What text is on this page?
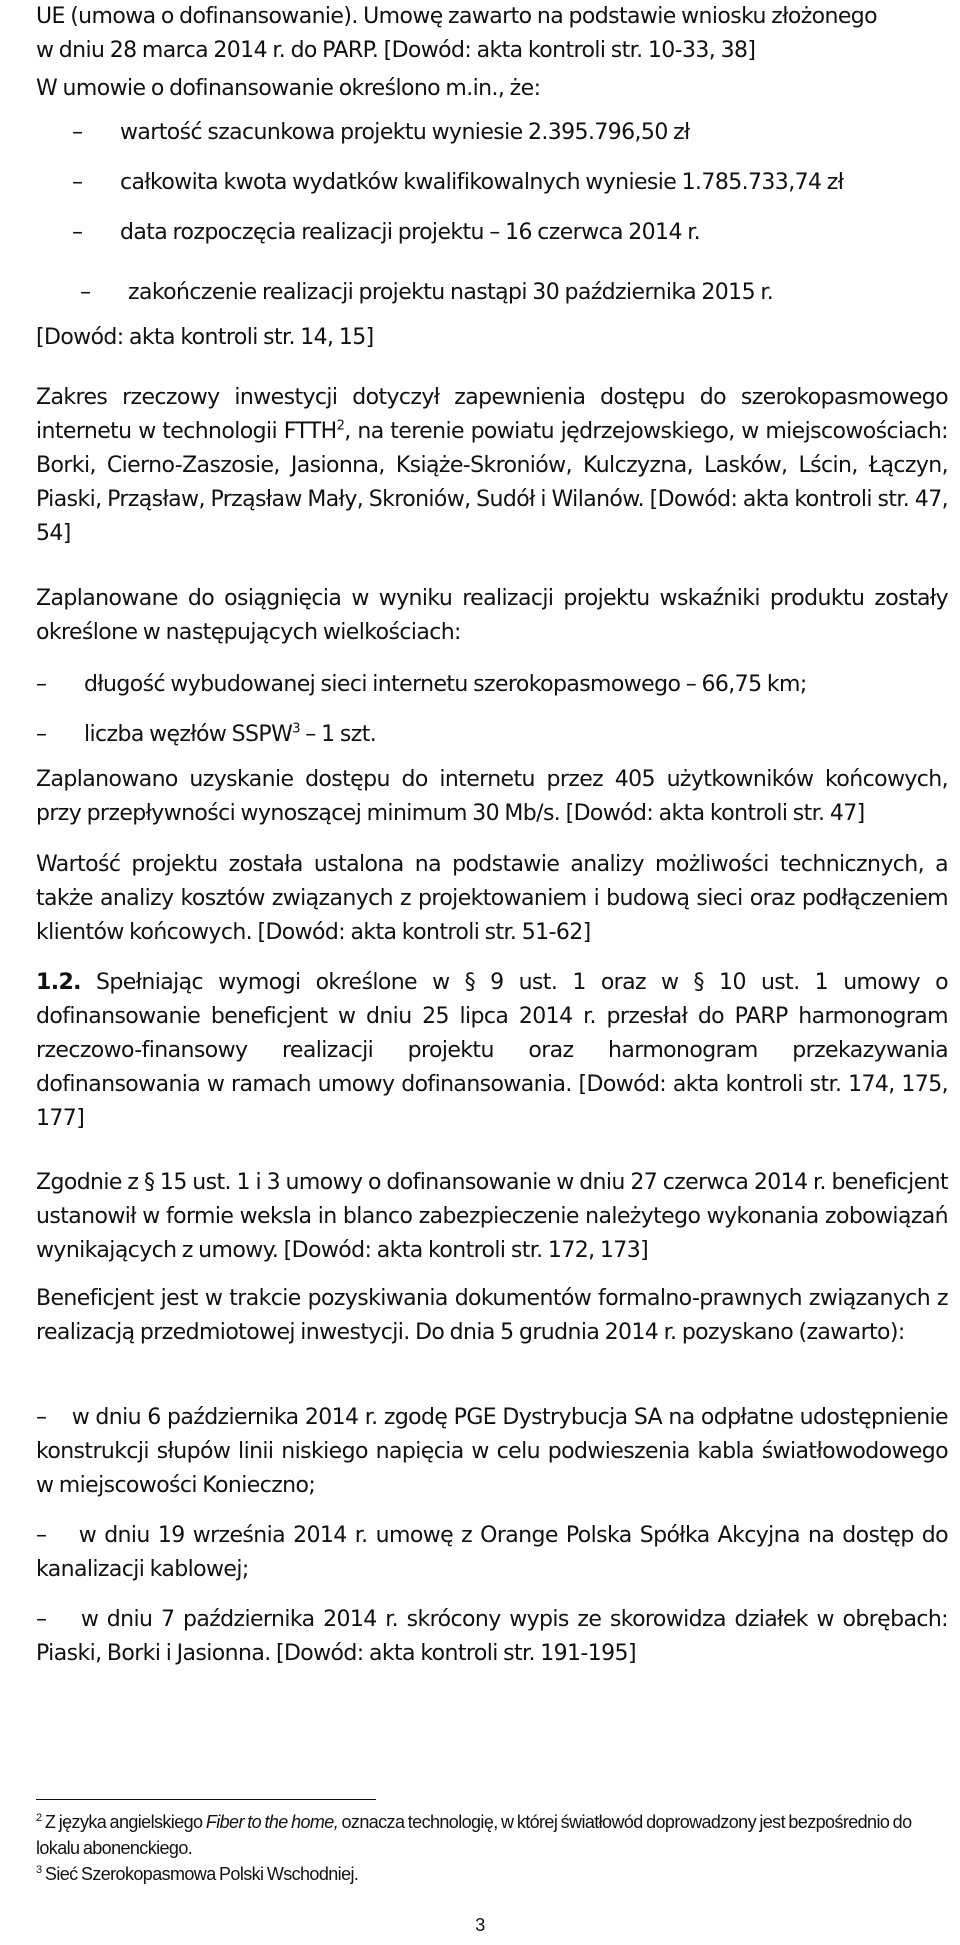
UE (umowa o dofinansowanie). Umowę zawarto na podstawie wniosku złożonego

w dniu 28 marca 2014 r. do PARP. [Dowód: akta kontroli str. 10-33, 38]

W umowie o dofinansowanie określono m.in., że:

–	wartość szacunkowa projektu wyniesie 2.395.796,50 zł
–	całkowita kwota wydatków kwalifikowalnych wyniesie 1.785.733,74 zł
–	data rozpoczęcia realizacji projektu – 16 czerwca 2014 r.
–	zakończenie realizacji projektu nastąpi 30 października 2015 r.

[Dowód: akta kontroli str. 14, 15]

Zakres rzeczowy inwestycji dotyczył zapewnienia dostępu do szerokopasmowego internetu w technologii FTTH$^2$, na terenie powiatu jędrzejowskiego, w miejscowościach: Borki, Cierno-Zaszosie, Jasionna, Książe-Skroniów, Kulczyzna, Lasków, Lścin, Łączyn, Piaski, Prząsław, Prząsław Mały, Skroniów, Sudół i Wilanów. [Dowód: akta kontroli str. 47, 54]

Zaplanowane do osiągnięcia w wyniku realizacji projektu wskaźniki produktu zostały określone w następujących wielkościach:

–	długość wybudowanej sieci internetu szerokopasmowego – 66,75 km;
–	liczba węzłów SSPW$^3$ – 1 szt.

Zaplanowano uzyskanie dostępu do internetu przez 405 użytkowników końcowych, przy przepływności wynoszącej minimum 30 Mb/s. [Dowód: akta kontroli str. 47]

Wartość projektu została ustalona na podstawie analizy możliwości technicznych, a także analizy kosztów związanych z projektowaniem i budową sieci oraz podłączeniem klientów końcowych. [Dowód: akta kontroli str. 51-62]

1.2. Spełniając wymogi określone w § 9 ust. 1 oraz w § 10 ust. 1 umowy o dofinansowanie beneficjent w dniu 25 lipca 2014 r. przesłał do PARP harmonogram rzeczowo-finansowy realizacji projektu oraz harmonogram przekazywania dofinansowania w ramach umowy dofinansowania. [Dowód: akta kontroli str. 174, 175, 177]

Zgodnie z § 15 ust. 1 i 3 umowy o dofinansowanie w dniu 27 czerwca 2014 r. beneficjent ustanowił w formie weksla in blanco zabezpieczenie należytego wykonania zobowiązań wynikających z umowy. [Dowód: akta kontroli str. 172, 173]

Beneficjent jest w trakcie pozyskiwania dokumentów formalno-prawnych związanych z realizacją przedmiotowej inwestycji. Do dnia 5 grudnia 2014 r. pozyskano (zawarto):

– w dniu 6 października 2014 r. zgodę PGE Dystrybucja SA na odpłatne udostępnienie konstrukcji słupów linii niskiego napięcia w celu podwieszenia kabla światłowodowego w miejscowości Konieczno;

– w dniu 19 września 2014 r. umowę z Orange Polska Spółka Akcyjna na dostęp do kanalizacji kablowej;

– w dniu 7 października 2014 r. skrócony wypis ze skorowidza działek w obrębach: Piaski, Borki i Jasionna. [Dowód: akta kontroli str. 191-195]

$^2$ Z języka angielskiego Fiber to the home, oznacza technologię, w której światłowód doprowadzony jest bezpośrednio do lokalu abonenckiego.

$^3$ Sieć Szerokopasmowa Polski Wschodniej.

3
